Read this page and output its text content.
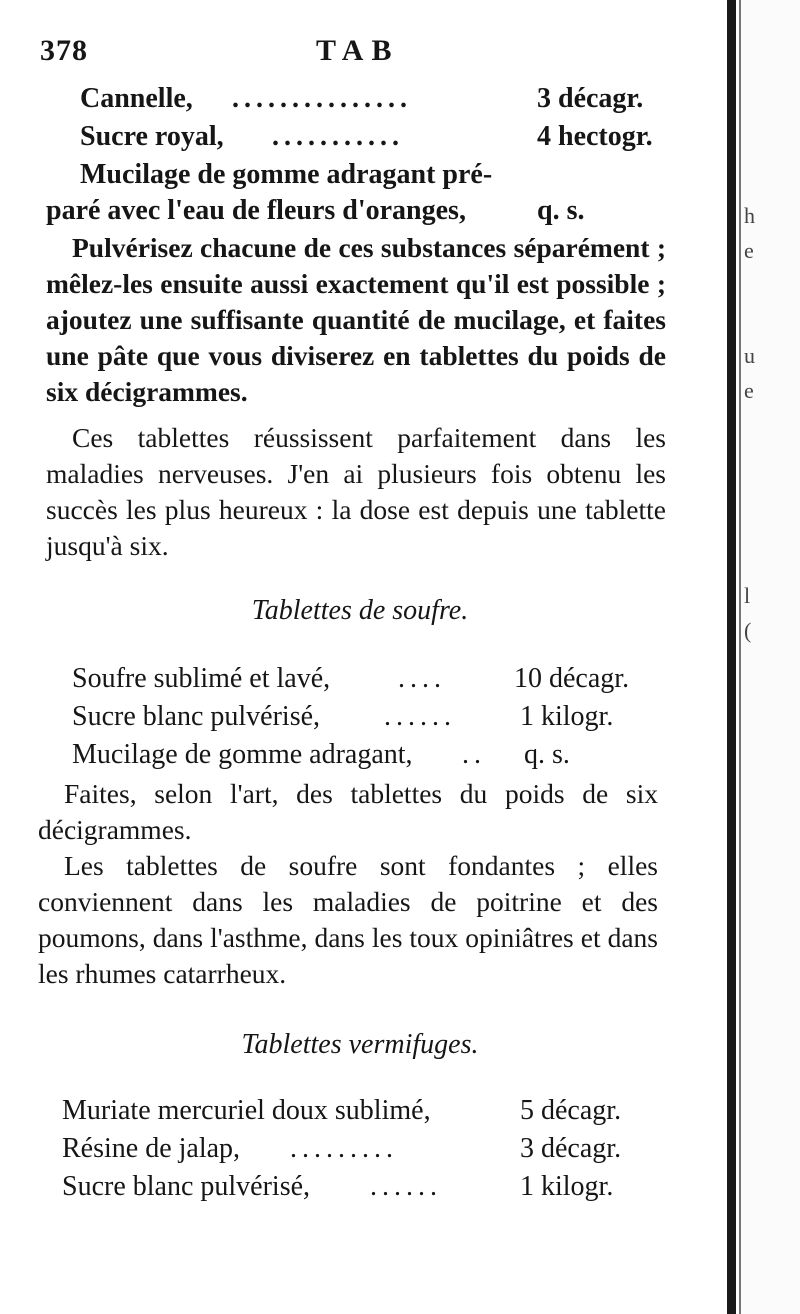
h
e
u
e
l
(
378	TAB
Cannelle, ...............	3 décagr.
Sucre royal, ...........	4 hectogr.
Mucilage de gomme adragant pré-
paré avec l'eau de fleurs d'oranges,	q. s.
Pulvérisez chacune de ces substances séparément ; mêlez-les ensuite aussi exactement qu'il est possible ; ajoutez une suffisante quantité de mucilage, et faites une pâte que vous diviserez en tablettes du poids de six décigrammes.
Ces tablettes réussissent parfaitement dans les maladies nerveuses. J'en ai plusieurs fois obtenu les succès les plus heureux : la dose est depuis une tablette jusqu'à six.
Tablettes de soufre.
Soufre sublimé et lavé, ....	10 décagr.
Sucre blanc pulvérisé, ......	1 kilogr.
Mucilage de gomme adragant, ..	q. s.
Faites, selon l'art, des tablettes du poids de six décigrammes.
Les tablettes de soufre sont fondantes ; elles conviennent dans les maladies de poitrine et des poumons, dans l'asthme, dans les toux opiniâtres et dans les rhumes catarrheux.
Tablettes vermifuges.
Muriate mercuriel doux sublimé,	5 décagr.
Résine de jalap, .........	3 décagr.
Sucre blanc pulvérisé, ......	1 kilogr.
